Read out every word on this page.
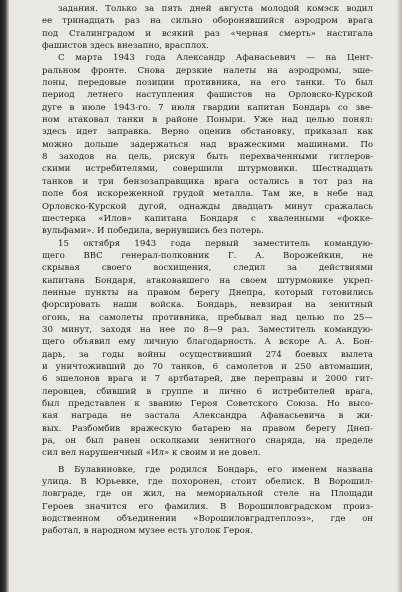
задания. Только за пять дней августа молодой комэск водил
ее тринадцать раз на сильно оборонявшийся аэродром врага
под Сталинградом и всякий раз «черная смерть» настигала
фашистов здесь внезапно, врасплох.
С марта 1943 года Александр Афанасьевич — на Цент-
ральном фронте. Снова дерзкие налеты на аэродромы, эше-
лоны, передовые позиции противника, на его танки. То был
период летнего наступления фашистов на Орловско-Курской
дуге в июле 1943-го. 7 июля гвардии капитан Бондарь со зве-
ном атаковал танки в районе Поныри. Уже над целью понял:
здесь идет заправка. Верно оценив обстановку, приказал как
можно дольше задержаться над вражескими машинами. По
8 заходов на цель, рискуя быть перехваченными гитлеров-
скими истребителями, совершили штурмовики. Шестнадцать
танков и три бензозаправщика врага остались в тот раз на
поле боя искореженной грудой металла. Там же, в небе над
Орловско-Курской дугой, однажды двадцать минут сражалась
шестерка «Илов» капитана Бондаря с хваленными «фокке-
вульфами». И победила, вернувшись без потерь.
15 октября 1943 года первый заместитель командую-
щего ВВС генерал-полковник Г. А. Ворожейкин, не
скрывая своего восхищения, следил за действиями
капитана Бондаря, атаковавшего на своем штурмовике укреп-
ленные пункты на правом берегу Днепра, который готовились
форсировать наши войска. Бондарь, невзирая на зенитный
огонь, на самолеты противника, пребывал над целью по 25—
30 минут, заходя на нее по 8—9 раз. Заместитель командую-
щего объявил ему личную благодарность. А вскоре А. А. Бон-
дарь, за годы войны осуществивший 274 боевых вылета
и уничтоживший до 70 танков, 6 самолетов и 250 автомашин,
6 эшелонов врага и 7 артбатарей, две переправы и 2000 гит-
леровцев, сбивший в группе и лично 6 истребителей врага,
был представлен к званию Героя Советского Союза. Но высо-
кая награда не застала Александра Афанасьевича в жи-
вых. Разбомбив вражескую батарею на правом берегу Днеп-
ра, он был ранен осколками зенитного снаряда, на пределе
сил вел нарушенчный «Ил» к своим и не довел.
В Булавиновке, где родился Бондарь, его именем названа
улица. В Юрьевке, где похоронен, стоит обелиск. В Ворошил-
ловграде, где он жил, на мемориальной стеле на Площади
Героев значится его фамилия. В Ворошиловградском произ-
водственном объединении «Ворошиловградтеплоэз», где он
работал, в народном музее есть уголок Героя.
